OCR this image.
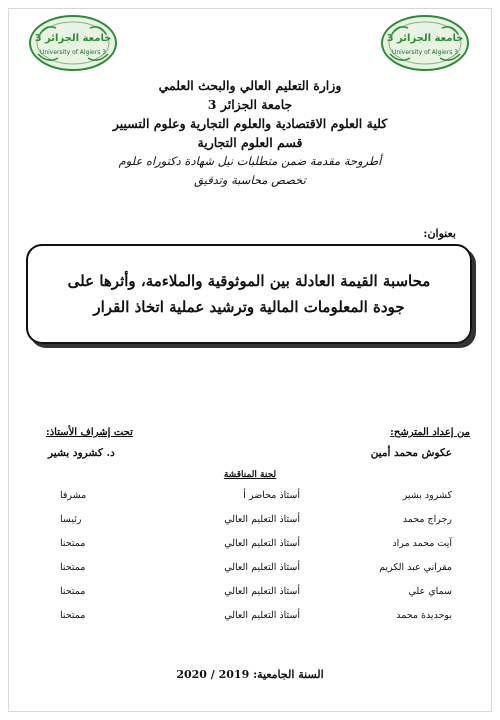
جامعة الجزائر 3
University of Algiers 3
جامعة الجزائر 3
University of Algiers 3
وزارة التعليم العالي والبحث العلمي
جامعة الجزائر 3
كلية العلوم الاقتصادية والعلوم التجارية وعلوم التسيير
قسم العلوم التجارية
أطروحة مقدمة ضمن متطلبات نيل شهادة دكتوراه علوم
تخصص محاسبة وتدقيق
بعنوان:
محاسبة القيمة العادلة بين الموثوقية والملاءمة، وأثرها على
جودة المعلومات المالية وترشيد عملية اتخاذ القرار
من إعداد المترشح:
تحت إشراف الأستاذ:
عكوش محمد أمين
د. كشرود بشير
لجنة المناقشة
كشرود بشير
أستاذ محاضر أ
مشرفا
رجراج محمد
أستاذ التعليم العالي
رئيسا
آيت محمد مراد
أستاذ التعليم العالي
ممتحنا
مقراني عبد الكريم
أستاذ التعليم العالي
ممتحنا
سماي علي
أستاذ التعليم العالي
ممتحنا
بوحديدة محمد
أستاذ التعليم العالي
ممتحنا
السنة الجامعية: 2019 / 2020
